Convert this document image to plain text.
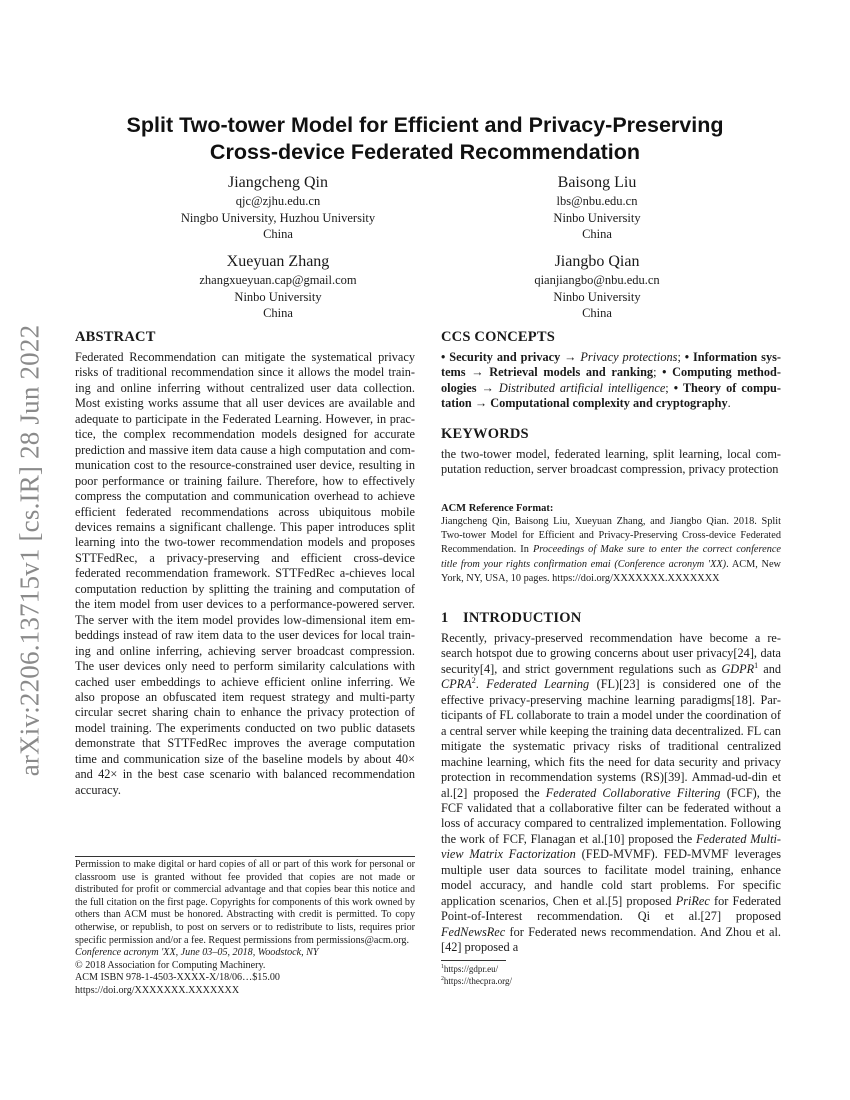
arXiv:2206.13715v1 [cs.IR] 28 Jun 2022
Split Two-tower Model for Efficient and Privacy-Preserving
Cross-device Federated Recommendation
Jiangcheng Qin
qjc@zjhu.edu.cn
Ningbo University, Huzhou University
China
Baisong Liu
lbs@nbu.edu.cn
Ninbo University
China
Xueyuan Zhang
zhangxueyuan.cap@gmail.com
Ninbo University
China
Jiangbo Qian
qianjiangbo@nbu.edu.cn
Ninbo University
China
ABSTRACT

Federated Recommendation can mitigate the systematical privacy risks of traditional recommendation since it allows the model training and online inferring without centralized user data collection. Most existing works assume that all user devices are available and adequate to participate in the Federated Learning. However, in practice, the complex recommendation models designed for accurate prediction and massive item data cause a high computation and communication cost to the resource-constrained user device, resulting in poor performance or training failure. Therefore, how to effectively compress the computation and communication overhead to achieve efficient federated recommendations across ubiquitous mobile devices remains a significant challenge. This paper introduces split learning into the two-tower recommendation models and proposes STTFedRec, a privacy-preserving and efficient cross-device federated recommendation framework. STTFedRec a-chieves local computation reduction by splitting the training and computation of the item model from user devices to a performance-powered server. The server with the item model provides low-dimensional item embeddings instead of raw item data to the user devices for local training and online inferring, achieving server broadcast compression. The user devices only need to perform similarity calculations with cached user embeddings to achieve efficient online inferring. We also propose an obfuscated item request strategy and multi-party circular secret sharing chain to enhance the privacy protection of model training. The experiments conducted on two public datasets demonstrate that STTFedRec improves the average computation time and communication size of the baseline models by about 40× and 42× in the best case scenario with balanced recommendation accuracy.

Permission to make digital or hard copies of all or part of this work for personal or classroom use is granted without fee provided that copies are not made or distributed for profit or commercial advantage and that copies bear this notice and the full citation on the first page. Copyrights for components of this work owned by others than ACM must be honored. Abstracting with credit is permitted. To copy otherwise, or republish, to post on servers or to redistribute to lists, requires prior specific permission and/or a fee. Request permissions from permissions@acm.org.

Conference acronym 'XX, June 03–05, 2018, Woodstock, NY

© 2018 Association for Computing Machinery.

ACM ISBN 978-1-4503-XXXX-X/18/06…$15.00

https://doi.org/XXXXXXX.XXXXXXX

CCS CONCEPTS

• Security and privacy → Privacy protections; • Information systems → Retrieval models and ranking; • Computing methodologies → Distributed artificial intelligence; • Theory of computation → Computational complexity and cryptography.

KEYWORDS

the two-tower model, federated learning, split learning, local computation reduction, server broadcast compression, privacy protection

ACM Reference Format:

Jiangcheng Qin, Baisong Liu, Xueyuan Zhang, and Jiangbo Qian. 2018. Split Two-tower Model for Efficient and Privacy-Preserving Cross-device Federated Recommendation. In Proceedings of Make sure to enter the correct conference title from your rights confirmation emai (Conference acronym 'XX). ACM, New York, NY, USA, 10 pages. https://doi.org/XXXXXXX.XXXXXXX

1 INTRODUCTION

Recently, privacy-preserved recommendation have become a research hotspot due to growing concerns about user privacy[24], data security[4], and strict government regulations such as GDPR$^1$ and CPRA$^2$. Federated Learning (FL)[23] is considered one of the effective privacy-preserving machine learning paradigms[18]. Participants of FL collaborate to train a model under the coordination of a central server while keeping the training data decentralized. FL can mitigate the systematic privacy risks of traditional centralized machine learning, which fits the need for data security and privacy protection in recommendation systems (RS)[39]. Ammad-ud-din et al.[2] proposed the Federated Collaborative Filtering (FCF), the FCF validated that a collaborative filter can be federated without a loss of accuracy compared to centralized implementation. Following the work of FCF, Flanagan et al.[10] proposed the Federated Multi-view Matrix Factorization (FED-MVMF). FED-MVMF leverages multiple user data sources to facilitate model training, enhance model accuracy, and handle cold start problems. For specific application scenarios, Chen et al.[5] proposed PriRec for Federated Point-of-Interest recommendation. Qi et al.[27] proposed FedNewsRec for Federated news recommendation. And Zhou et al.[42] proposed a

$^1$https://gdpr.eu/
$^2$https://thecpra.org/
